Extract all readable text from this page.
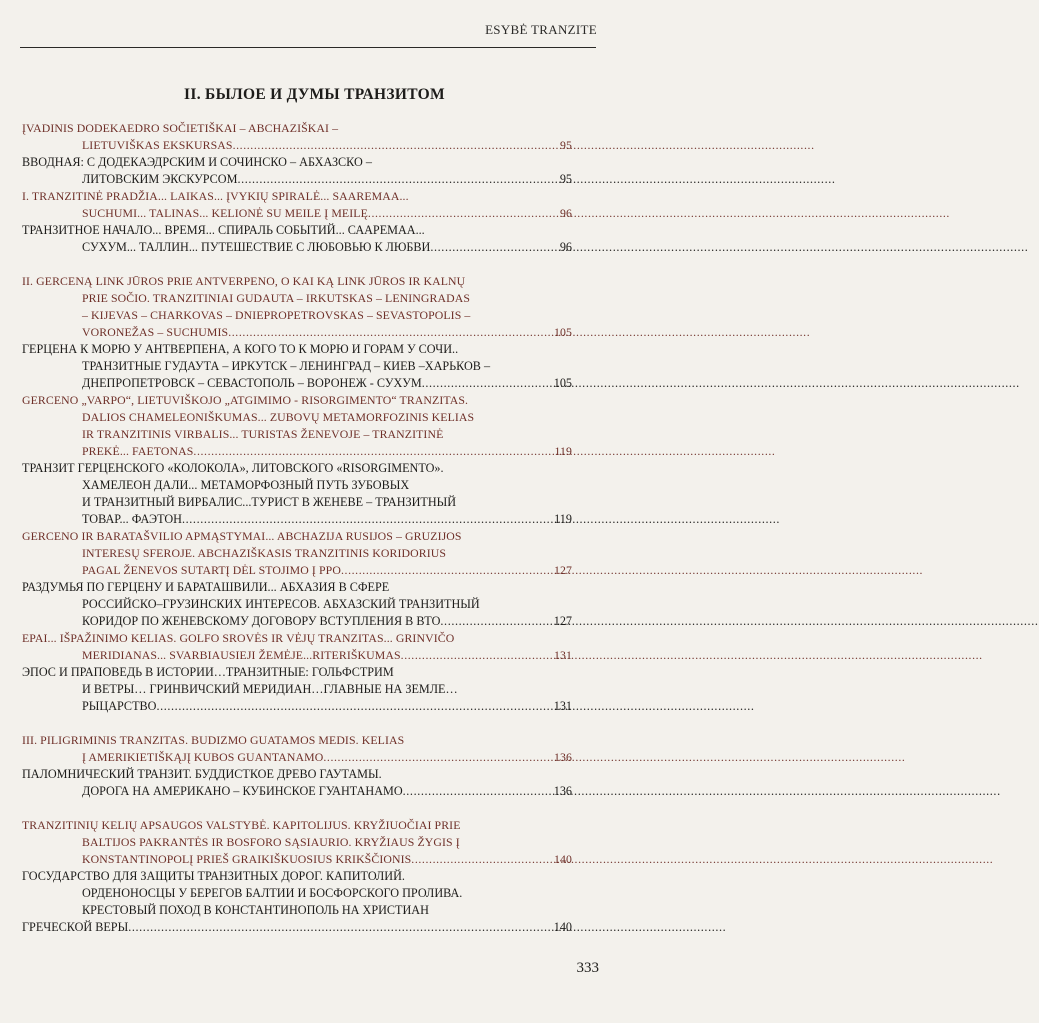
ESYBĖ TRANZITE
II. БЫЛОЕ И ДУМЫ ТРАНЗИТОМ
ĮVADINIS DODEKAEDRO SOČIETIŠKAI – ABCHAZIŠKAI –
LIETUVIŠKAS EKSKURSAS .....	95
ВВОДНАЯ: С ДОДЕКАЭДРСКИМ И СОЧИНСКО – АБХАЗСКО –
ЛИТОВСКИМ ЭКСКУРСОМ .....	95
I. TRANZITINĖ PRADŽIA... LAIKAS... ĮVYKIŲ SPIRALĖ... SAAREMAA...
SUCHUMI... TALINAS... KELIONĖ SU MEILE Į MEILĘ .....	96
ТРАНЗИТНОЕ НАЧАЛО... ВРЕМЯ... СПИРАЛЬ СОБЫТИЙ... СААРЕМАА...
СУХУМ... ТАЛЛИН... ПУТЕШЕСТВИЕ С ЛЮБОВЬЮ К ЛЮБВИ .....	96
II. GERCENĄ LINK JŪROS PRIE ANTVERPENO, O KAI KĄ LINK JŪROS IR KALNŲ
PRIE SOČIO. TRANZITINIAI GUDAUTA – IRKUTSKAS – LENINGRADAS
– KIJEVAS – CHARKOVAS – DNIEPROPETROVSKAS – SEVASTOPOLIS –
VORONEŽAS – SUCHUMIS .....	105
ГЕРЦЕНА К МОРЮ У АНТВЕРПЕНА, А КОГО ТО К МОРЮ И ГОРАМ У СОЧИ..
ТРАНЗИТНЫЕ ГУДАУТА – ИРКУТСК – ЛЕНИНГРАД – КИЕВ –ХАРЬКОВ –
ДНЕПРОПЕТРОВСК – СЕВАСТОПОЛЬ – ВОРОНЕЖ - СУХУМ .....	105
GERCENO „VARPO“, LIETUVIŠKOJO „ATGIMIMO - RISORGIMENTO“ TRANZITAS.
DALIOS CHAMELEONIŠKUMAS... ZUBOVŲ METAMORFOZINIS KELIAS
IR TRANZITINIS VIRBALIS... TURISTAS ŽENEVOJE – TRANZITINĖ
PREKĖ... FAETONAS .....	119
ТРАНЗИТ ГЕРЦЕНСКОГО «КОЛОКОЛА», ЛИТОВСКОГО «RISORGIMENTO».
ХАМЕЛЕОН ДАЛИ... МЕТАМОРФОЗНЫЙ ПУТЬ ЗУБОВЫХ
И ТРАНЗИТНЫЙ ВИРБАЛИС...ТУРИСТ В ЖЕНЕВЕ – ТРАНЗИТНЫЙ
ТОВАР... ФАЭТОН .....	119
GERCENO IR BARATAŠVILIO APMĄSTYMAI... ABCHAZIJA RUSIJOS – GRUZIJOS
INTERESŲ SFEROJE. ABCHAZIŠKASIS TRANZITINIS KORIDORIUS
PAGAL ŽENEVOS SUTARTĮ DĖL STOJIMO Į PPO .....	127
РАЗДУМЬЯ ПО ГЕРЦЕНУ И БАРАТАШВИЛИ... АБХАЗИЯ В СФЕРЕ
РОССИЙСКО–ГРУЗИНСКИХ ИНТЕРЕСОВ. АБХАЗСКИЙ ТРАНЗИТНЫЙ
КОРИДОР ПО ЖЕНЕВСКОМУ ДОГОВОРУ ВСТУПЛЕНИЯ В ВТО .....	127
EPAI... IŠPAŽINIMO KELIAS. GOLFO SROVĖS IR VĖJŲ TRANZITAS... GRINVIČO
MERIDIANAS... SVARBIAUSIEJI ŽEMĖJE...RITERIŠKUMAS .....	131
ЭПОС И ПРАПОВЕДЬ В ИСТОРИИ…ТРАНЗИТНЫЕ: ГОЛЬФСТРИМ
И ВЕТРЫ… ГРИНВИЧСКИЙ МЕРИДИАН…ГЛАВНЫЕ НА ЗЕМЛЕ…
РЫЦАРСТВО .....	131
III. PILIGRIMINIS TRANZITAS. BUDIZMO GUATAMOS MEDIS. KELIAS
Į AMERIKIETIŠKĄJĮ KUBOS GUANTANAMO .....	136
ПАЛОМНИЧЕСКИЙ ТРАНЗИТ. БУДДИСТКОЕ ДРЕВО ГАУТАМЫ.
ДОРОГА НА АМЕРИКАНО – КУБИНСКОЕ ГУАНТАНАМО .....	136
TRANZITINIŲ KELIŲ APSAUGOS VALSTYBĖ. KAPITOLIJUS. KRYŽIUOČIAI PRIE
BALTIJOS PAKRANTĖS IR BOSFORO SĄSIAURIO. KRYŽIAUS ŽYGIS Į
KONSTANTINOPOLĮ PRIEŠ GRAIKIŠKUOSIUS KRIKŠČIONIS .....	140
ГОСУДАРСТВО ДЛЯ ЗАЩИТЫ ТРАНЗИТНЫХ ДОРОГ. КАПИТОЛИЙ.
ОРДЕНОНОСЦЫ У БЕРЕГОВ БАЛТИИ И БОСФОРСКОГО ПРОЛИВА.
КРЕСТОВЫЙ ПОХОД В КОНСТАНТИНОПОЛЬ НА ХРИСТИАН
ГРЕЧЕСКОЙ ВЕРЫ .....	140
333
